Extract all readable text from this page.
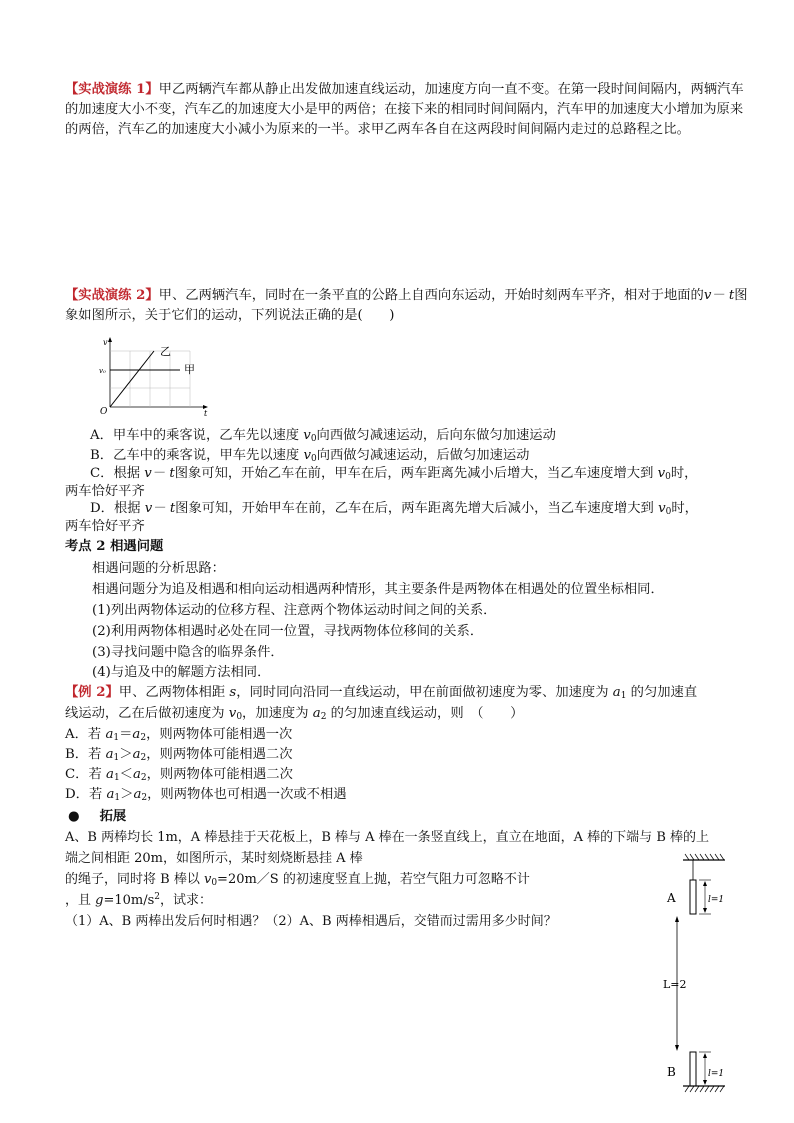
【实战演练 1】甲乙两辆汽车都从静止出发做加速直线运动，加速度方向一直不变。在第一段时间间隔内，两辆汽车的加速度大小不变，汽车乙的加速度大小是甲的两倍；在接下来的相同时间间隔内，汽车甲的加速度大小增加为原来的两倍，汽车乙的加速度大小减小为原来的一半。求甲乙两车各自在这两段时间间隔内走过的总路程之比。
【实战演练 2】甲、乙两辆汽车，同时在一条平直的公路上自西向东运动，开始时刻两车平齐，相对于地面的v－ t图象如图所示，关于它们的运动，下列说法正确的是(　　)
v
t
O
v₀
乙
甲
A．甲车中的乘客说，乙车先以速度 $v_0$向西做匀减速运动，后向东做匀加速运动
B．乙车中的乘客说，甲车先以速度 $v_0$向西做匀减速运动，后做匀加速运动
C．根据 v－ t图象可知，开始乙车在前，甲车在后，两车距离先减小后增大，当乙车速度增大到 $v_0$时，
两车恰好平齐
D．根据 v－ t图象可知，开始甲车在前，乙车在后，两车距离先增大后减小，当乙车速度增大到 $v_0$时，
两车恰好平齐
考点 2 相遇问题
相遇问题的分析思路：
相遇问题分为追及相遇和相向运动相遇两种情形，其主要条件是两物体在相遇处的位置坐标相同．
(1)列出两物体运动的位移方程、注意两个物体运动时间之间的关系．
(2)利用两物体相遇时必处在同一位置，寻找两物体位移间的关系．
(3)寻找问题中隐含的临界条件．
(4)与追及中的解题方法相同．
【例 2】甲、乙两物体相距 s，同时同向沿同一直线运动，甲在前面做初速度为零、加速度为 $a_1$ 的匀加速直
线运动，乙在后做初速度为 $v_0$，加速度为 $a_2$ 的匀加速直线运动，则　（　　）
A．若 $a_1=a_2$，则两物体可能相遇一次
B．若 $a_1>a_2$，则两物体可能相遇二次
C．若 $a_1<a_2$，则两物体可能相遇二次
D．若 $a_1>a_2$，则两物体也可相遇一次或不相遇
● 拓展
A、B 两棒均长 1m，A 棒悬挂于天花板上，B 棒与 A 棒在一条竖直线上，直立在地面，A 棒的下端与 B 棒的上
端之间相距 20m，如图所示，某时刻烧断悬挂 A 棒
的绳子，同时将 B 棒以 $v_0=20m/S$ 的初速度竖直上抛，若空气阻力可忽略不计
，且 $g=10m/s^2$，试求：
（1）A、B 两棒出发后何时相遇？（2）A、B 两棒相遇后，交错而过需用多少时间？
l=1
A
L=2
l=1
B
